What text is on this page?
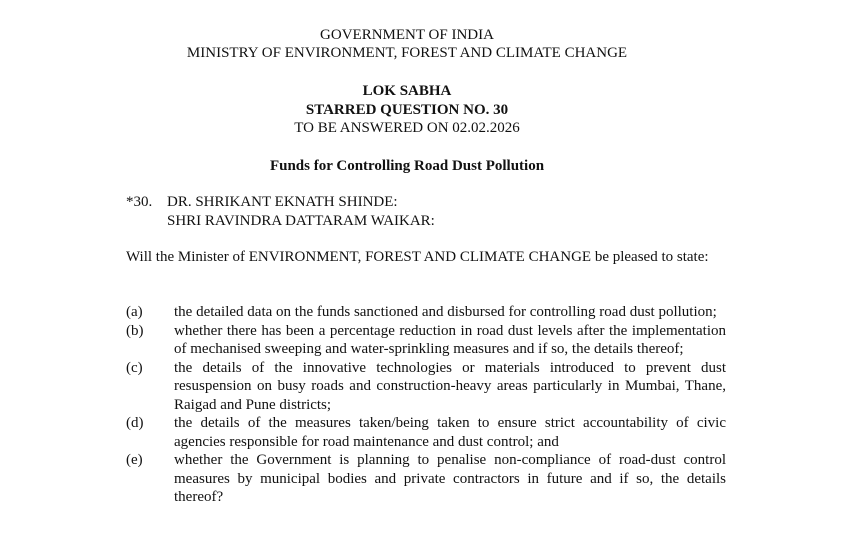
GOVERNMENT OF INDIA
MINISTRY OF ENVIRONMENT, FOREST AND CLIMATE CHANGE
LOK SABHA
STARRED QUESTION NO. 30
TO BE ANSWERED ON 02.02.2026
Funds for Controlling Road Dust Pollution
*30. DR. SHRIKANT EKNATH SHINDE:
SHRI RAVINDRA DATTARAM WAIKAR:
Will the Minister of ENVIRONMENT, FOREST AND CLIMATE CHANGE be pleased to state:
(a)	the detailed data on the funds sanctioned and disbursed for controlling road dust pollution;
(b)	whether there has been a percentage reduction in road dust levels after the implementation of mechanised sweeping and water-sprinkling measures and if so, the details thereof;
(c)	the details of the innovative technologies or materials introduced to prevent dust resuspension on busy roads and construction-heavy areas particularly in Mumbai, Thane, Raigad and Pune districts;
(d)	the details of the measures taken/being taken to ensure strict accountability of civic agencies responsible for road maintenance and dust control; and
(e)	whether the Government is planning to penalise non-compliance of road-dust control measures by municipal bodies and private contractors in future and if so, the details thereof?
